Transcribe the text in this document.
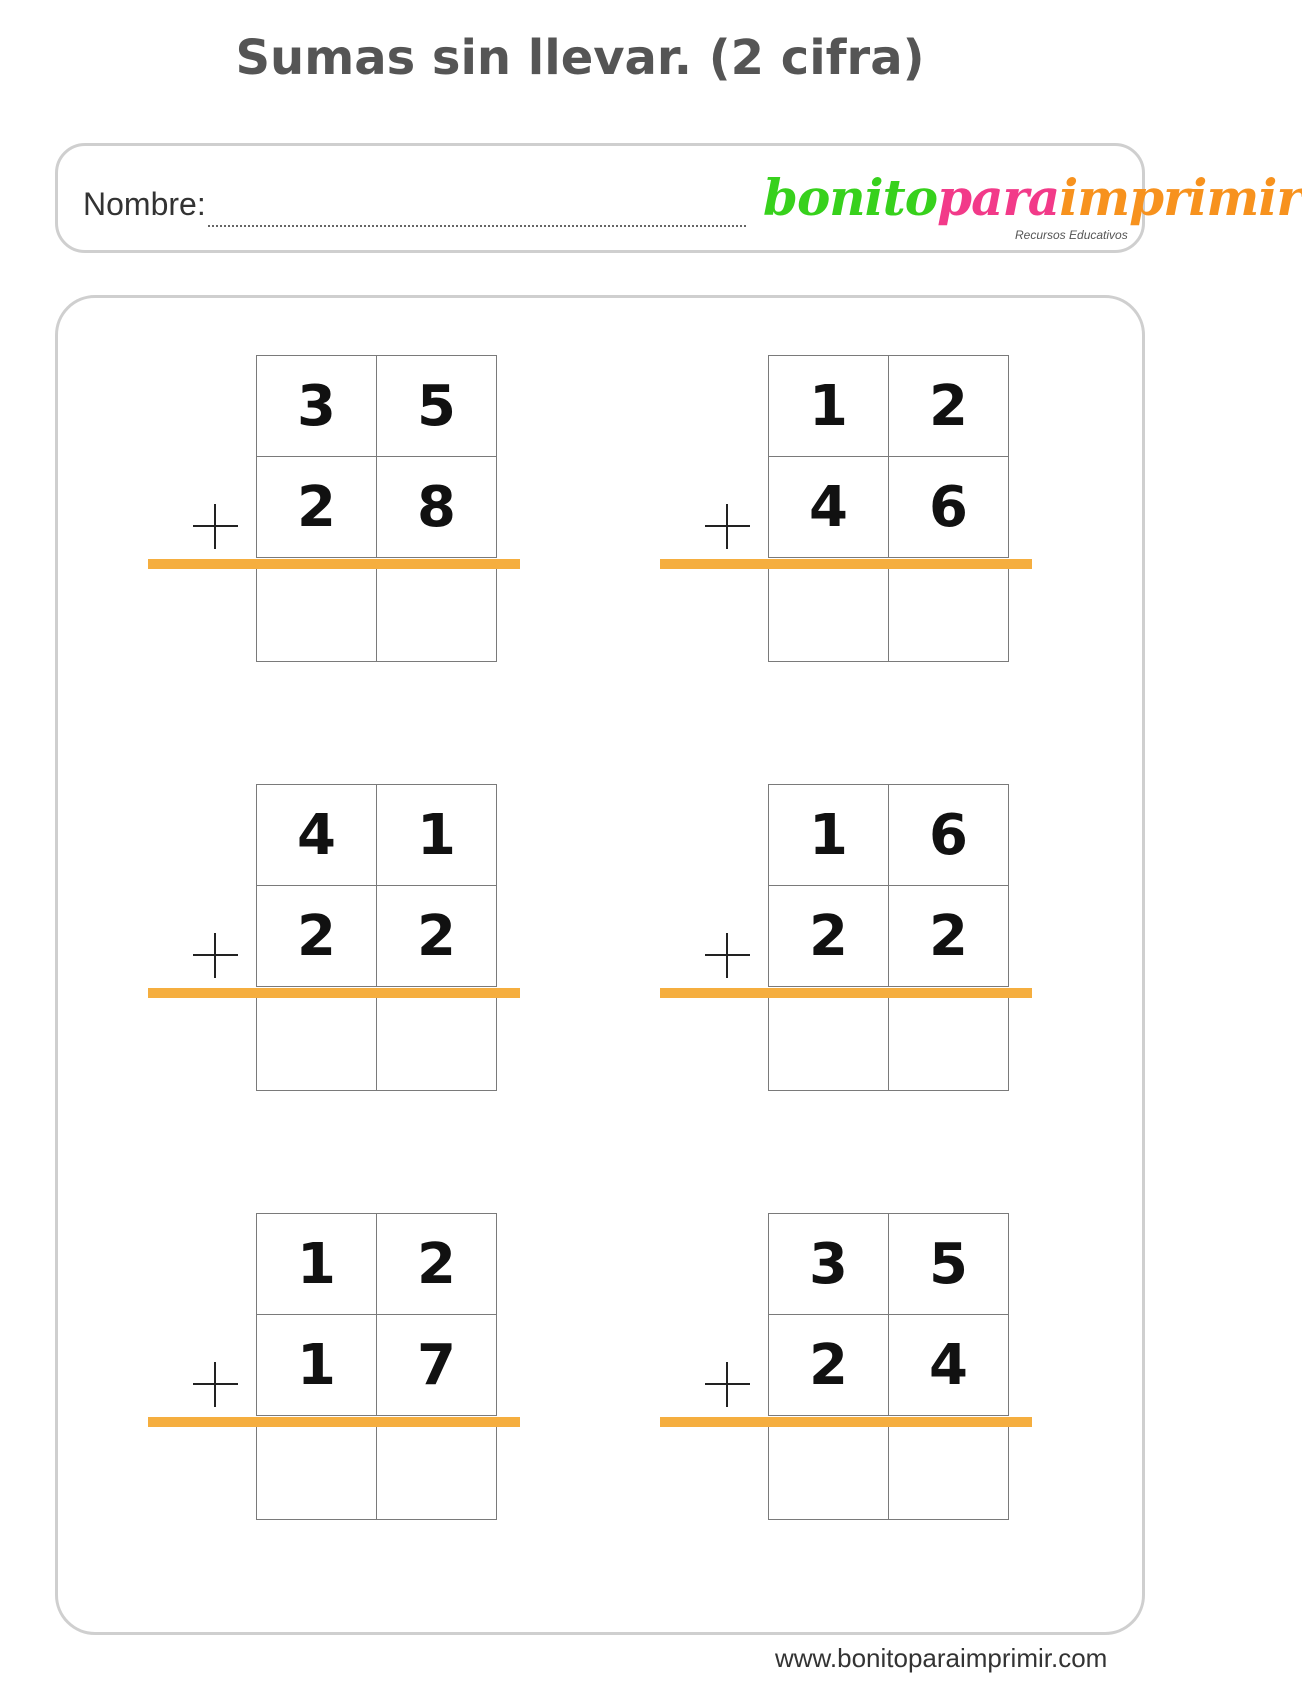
Sumas sin llevar. (2 cifra)
Nombre:	bonitoparaimprimir
Recursos Educativos
3	5
2	8
1	2
4	6
4	1
2	2
1	6
2	2
1	2
1	7
3	5
2	4
www.bonitoparaimprimir.com
